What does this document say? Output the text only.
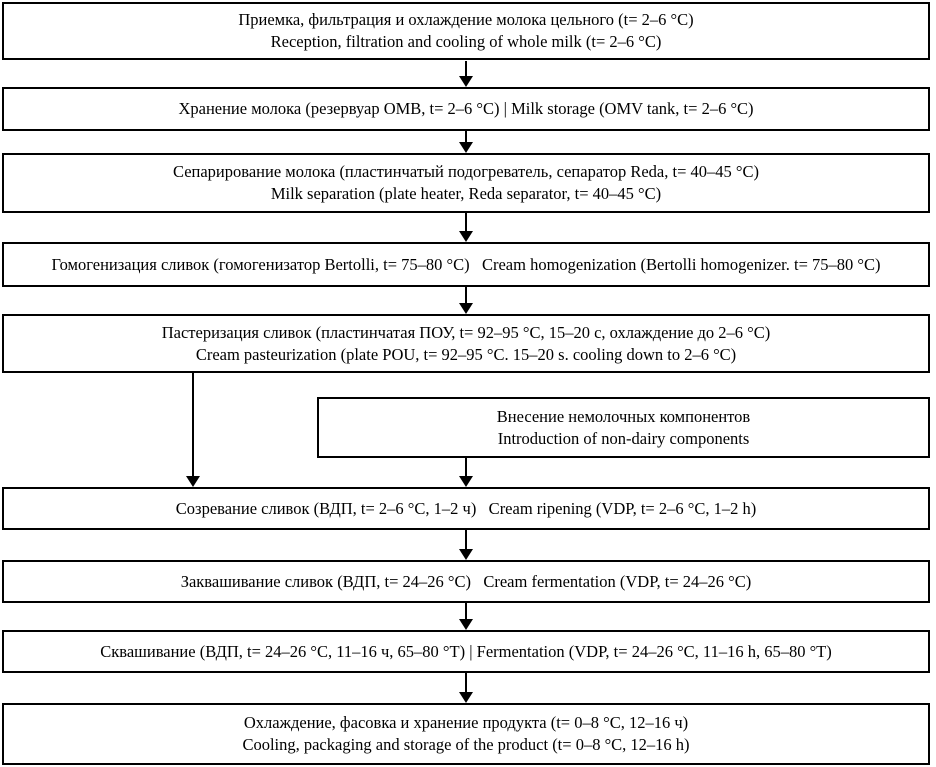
Приемка, фильтрация и охлаждение молока цельного (t= 2–6 °С)
Reception, filtration and cooling of whole milk (t= 2–6 °C)
Хранение молока (резервуар ОМВ, t= 2–6 °С) | Milk storage (OMV tank, t= 2–6 °C)
Сепарирование молока (пластинчатый подогреватель, сепаратор Reda, t= 40–45 °С)
Milk separation (plate heater, Reda separator, t= 40–45 °C)
Гомогенизация сливок (гомогенизатор Bertolli, t= 75–80 °С)   Cream homogenization (Bertolli homogenizer. t= 75–80 °C)
Пастеризация сливок (пластинчатая ПОУ, t= 92–95 °С, 15–20 с, охлаждение до 2–6 °С)
Cream pasteurization (plate POU, t= 92–95 °C. 15–20 s. cooling down to 2–6 °C)
Внесение немолочных компонентов
Introduction of non-dairy components
Созревание сливок (ВДП, t= 2–6 °С, 1–2 ч)   Cream ripening (VDP, t= 2–6 °C, 1–2 h)
Заквашивание сливок (ВДП, t= 24–26 °С)   Cream fermentation (VDP, t= 24–26 °C)
Сквашивание (ВДП, t= 24–26 °С, 11–16 ч, 65–80 °Т) | Fermentation (VDP, t= 24–26 °C, 11–16 h, 65–80 °T)
Охлаждение, фасовка и хранение продукта (t= 0–8 °С, 12–16 ч)
Cooling, packaging and storage of the product (t= 0–8 °C, 12–16 h)
